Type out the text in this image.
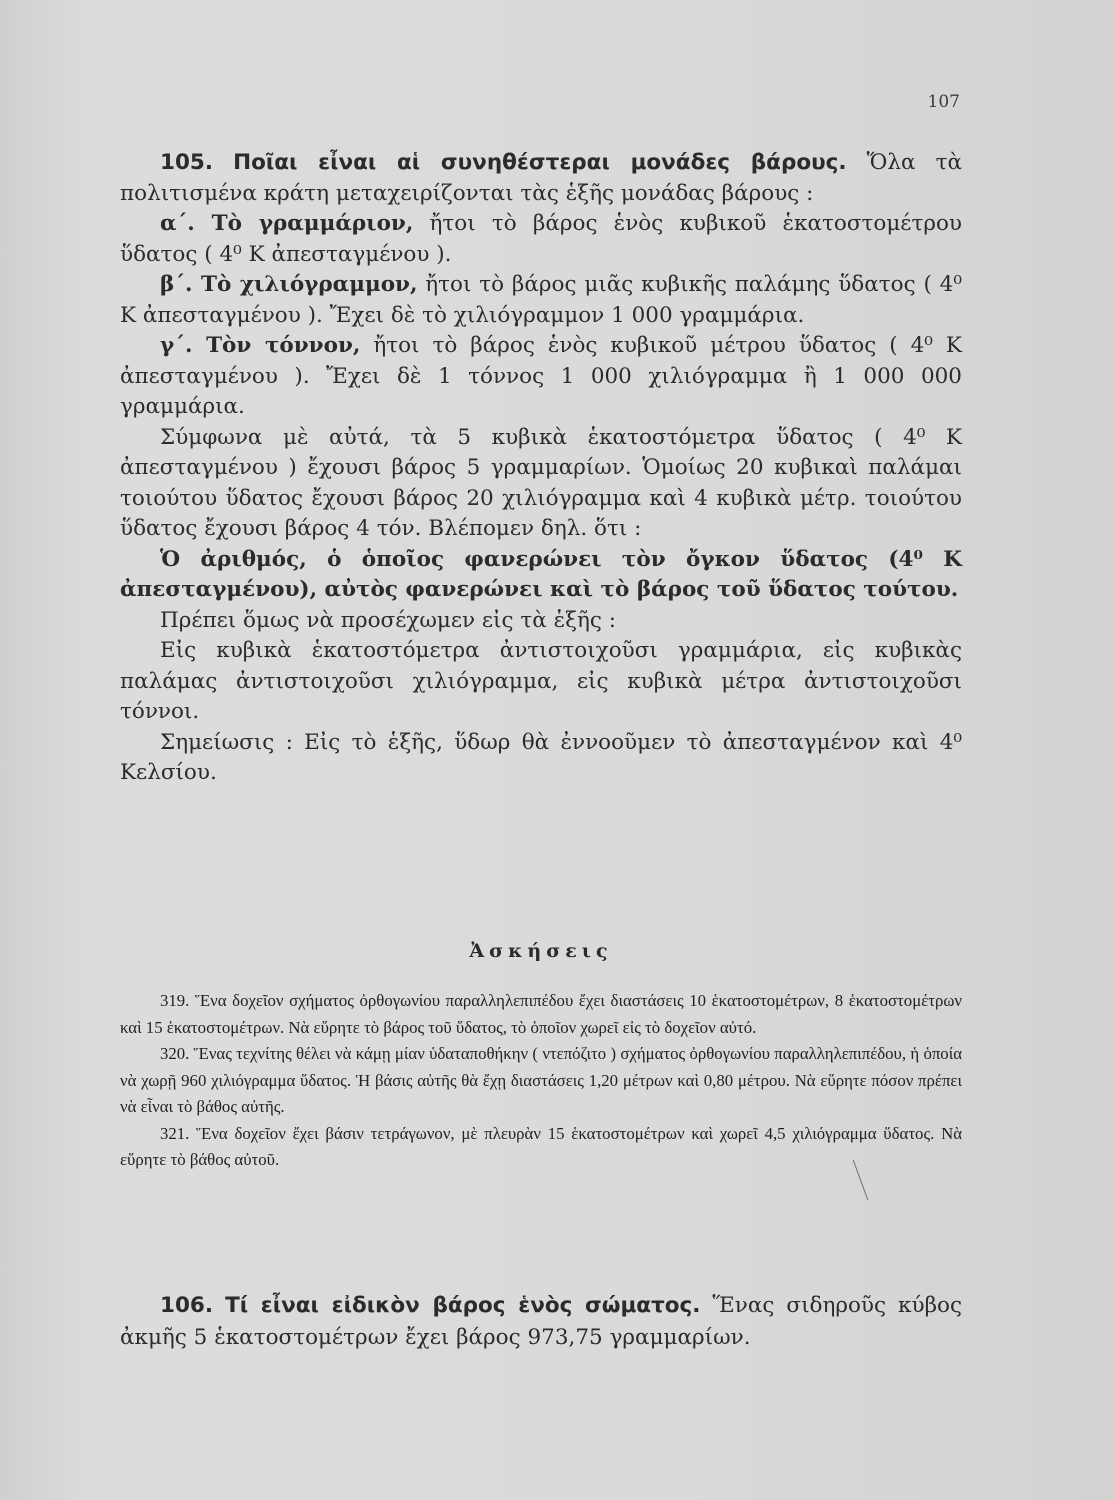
107

105. Ποῖαι εἶναι αἱ συνηθέστεραι μονάδες βάρους. Ὅλα τὰ πολιτισμένα κράτη μεταχειρίζονται τὰς ἑξῆς μονάδας βάρους :

α΄. Τὸ γραμμάριον, ἤτοι τὸ βάρος ἑνὸς κυβικοῦ ἑκατοστομέτρου ὕδατος ( 4⁰ Κ ἀπεσταγμένου ).

β΄. Τὸ χιλιόγραμμον, ἤτοι τὸ βάρος μιᾶς κυβικῆς παλάμης ὕδατος ( 4⁰ Κ ἀπεσταγμένου ). Ἔχει δὲ τὸ χιλιόγραμμον 1 000 γραμμάρια.

γ΄. Τὸν τόννον, ἤτοι τὸ βάρος ἑνὸς κυβικοῦ μέτρου ὕδατος ( 4⁰ Κ ἀπεσταγμένου ). Ἔχει δὲ 1 τόννος 1 000 χιλιόγραμμα ἢ 1 000 000 γραμμάρια.

Σύμφωνα μὲ αὐτά, τὰ 5 κυβικὰ ἑκατοστόμετρα ὕδατος ( 4⁰ Κ ἀπεσταγμένου ) ἔχουσι βάρος 5 γραμμαρίων. Ὁμοίως 20 κυβικαὶ παλάμαι τοιούτου ὕδατος ἔχουσι βάρος 20 χιλιόγραμμα καὶ 4 κυβικὰ μέτρ. τοιούτου ὕδατος ἔχουσι βάρος 4 τόν. Βλέπομεν δηλ. ὅτι :

Ὁ ἀριθμός, ὁ ὁποῖος φανερώνει τὸν ὄγκον ὕδατος (4⁰ Κ ἀπεσταγμένου), αὐτὸς φανερώνει καὶ τὸ βάρος τοῦ ὕδατος τούτου.

Πρέπει ὅμως νὰ προσέχωμεν εἰς τὰ ἑξῆς :

Εἰς κυβικὰ ἑκατοστόμετρα ἀντιστοιχοῦσι γραμμάρια, εἰς κυβικὰς παλάμας ἀντιστοιχοῦσι χιλιόγραμμα, εἰς κυβικὰ μέτρα ἀντιστοιχοῦσι τόννοι.

Σημείωσις : Εἰς τὸ ἑξῆς, ὕδωρ θὰ ἐννοοῦμεν τὸ ἀπεσταγμένον καὶ 4⁰ Κελσίου.

Ἀσκήσεις

319. Ἕνα δοχεῖον σχήματος ὀρθογωνίου παραλληλεπιπέδου ἔχει διαστάσεις 10 ἑκατοστομέτρων, 8 ἑκατοστομέτρων καὶ 15 ἑκατοστομέτρων. Νὰ εὕρητε τὸ βάρος τοῦ ὕδατος, τὸ ὁποῖον χωρεῖ εἰς τὸ δοχεῖον αὐτό.

320. Ἕνας τεχνίτης θέλει νὰ κάμῃ μίαν ὑδαταποθήκην ( ντεπόζιτο ) σχήματος ὀρθογωνίου παραλληλεπιπέδου, ἡ ὁποία νὰ χωρῇ 960 χιλιόγραμμα ὕδατος. Ἡ βάσις αὐτῆς θὰ ἔχῃ διαστάσεις 1,20 μέτρων καὶ 0,80 μέτρου. Νὰ εὕρητε πόσον πρέπει νὰ εἶναι τὸ βάθος αὐτῆς.

321. Ἕνα δοχεῖον ἔχει βάσιν τετράγωνον, μὲ πλευρὰν 15 ἑκατοστομέτρων καὶ χωρεῖ 4,5 χιλιόγραμμα ὕδατος. Νὰ εὕρητε τὸ βάθος αὐτοῦ.

106. Τί εἶναι εἰδικὸν βάρος ἑνὸς σώματος. Ἕνας σιδηροῦς κύβος ἀκμῆς 5 ἑκατοστομέτρων ἔχει βάρος 973,75 γραμμαρίων.
